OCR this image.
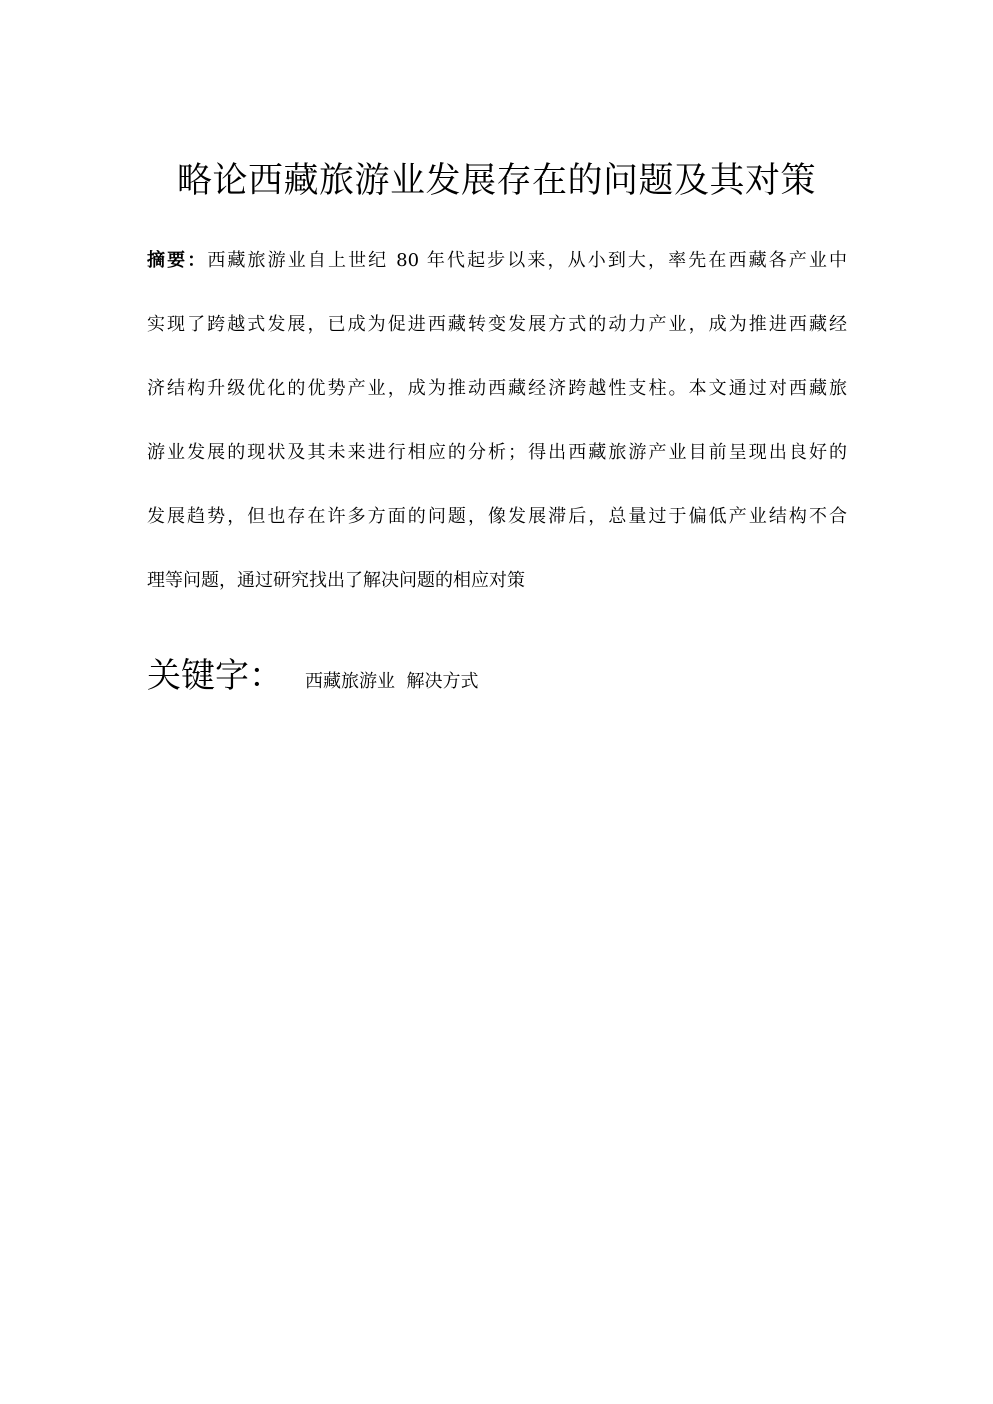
略论西藏旅游业发展存在的问题及其对策
摘要：西藏旅游业自上世纪 80 年代起步以来，从小到大，率先在西藏各产业中
实现了跨越式发展，已成为促进西藏转变发展方式的动力产业，成为推进西藏经
济结构升级优化的优势产业，成为推动西藏经济跨越性支柱。本文通过对西藏旅
游业发展的现状及其未来进行相应的分析；得出西藏旅游产业目前呈现出良好的
发展趋势，但也存在许多方面的问题，像发展滞后，总量过于偏低产业结构不合
理等问题，通过研究找出了解决问题的相应对策
关键字： 西藏旅游业  解决方式
